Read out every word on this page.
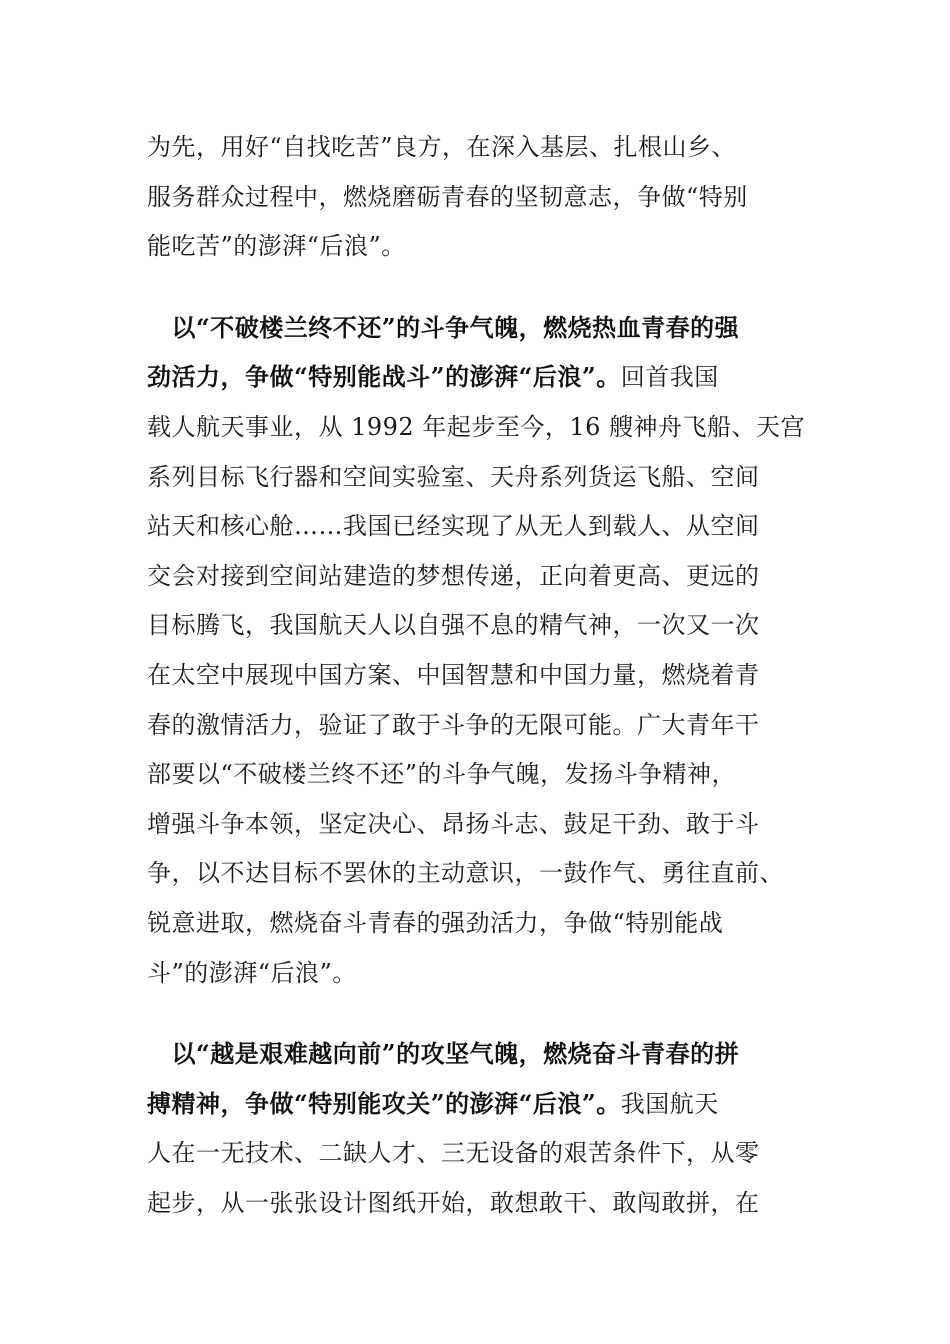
为先，用好“自找吃苦”良方，在深入基层、扎根山乡、
服务群众过程中，燃烧磨砺青春的坚韧意志，争做“特别
能吃苦”的澎湃“后浪”。
　以“不破楼兰终不还”的斗争气魄，燃烧热血青春的强
劲活力，争做“特别能战斗”的澎湃“后浪”。回首我国
载人航天事业，从 1992 年起步至今，16 艘神舟飞船、天宫
系列目标飞行器和空间实验室、天舟系列货运飞船、空间
站天和核心舱……我国已经实现了从无人到载人、从空间
交会对接到空间站建造的梦想传递，正向着更高、更远的
目标腾飞，我国航天人以自强不息的精气神，一次又一次
在太空中展现中国方案、中国智慧和中国力量，燃烧着青
春的激情活力，验证了敢于斗争的无限可能。广大青年干
部要以“不破楼兰终不还”的斗争气魄，发扬斗争精神，
增强斗争本领，坚定决心、昂扬斗志、鼓足干劲、敢于斗
争，以不达目标不罢休的主动意识，一鼓作气、勇往直前、
锐意进取，燃烧奋斗青春的强劲活力，争做“特别能战
斗”的澎湃“后浪”。
　以“越是艰难越向前”的攻坚气魄，燃烧奋斗青春的拼
搏精神，争做“特别能攻关”的澎湃“后浪”。我国航天
人在一无技术、二缺人才、三无设备的艰苦条件下，从零
起步，从一张张设计图纸开始，敢想敢干、敢闯敢拼，在
